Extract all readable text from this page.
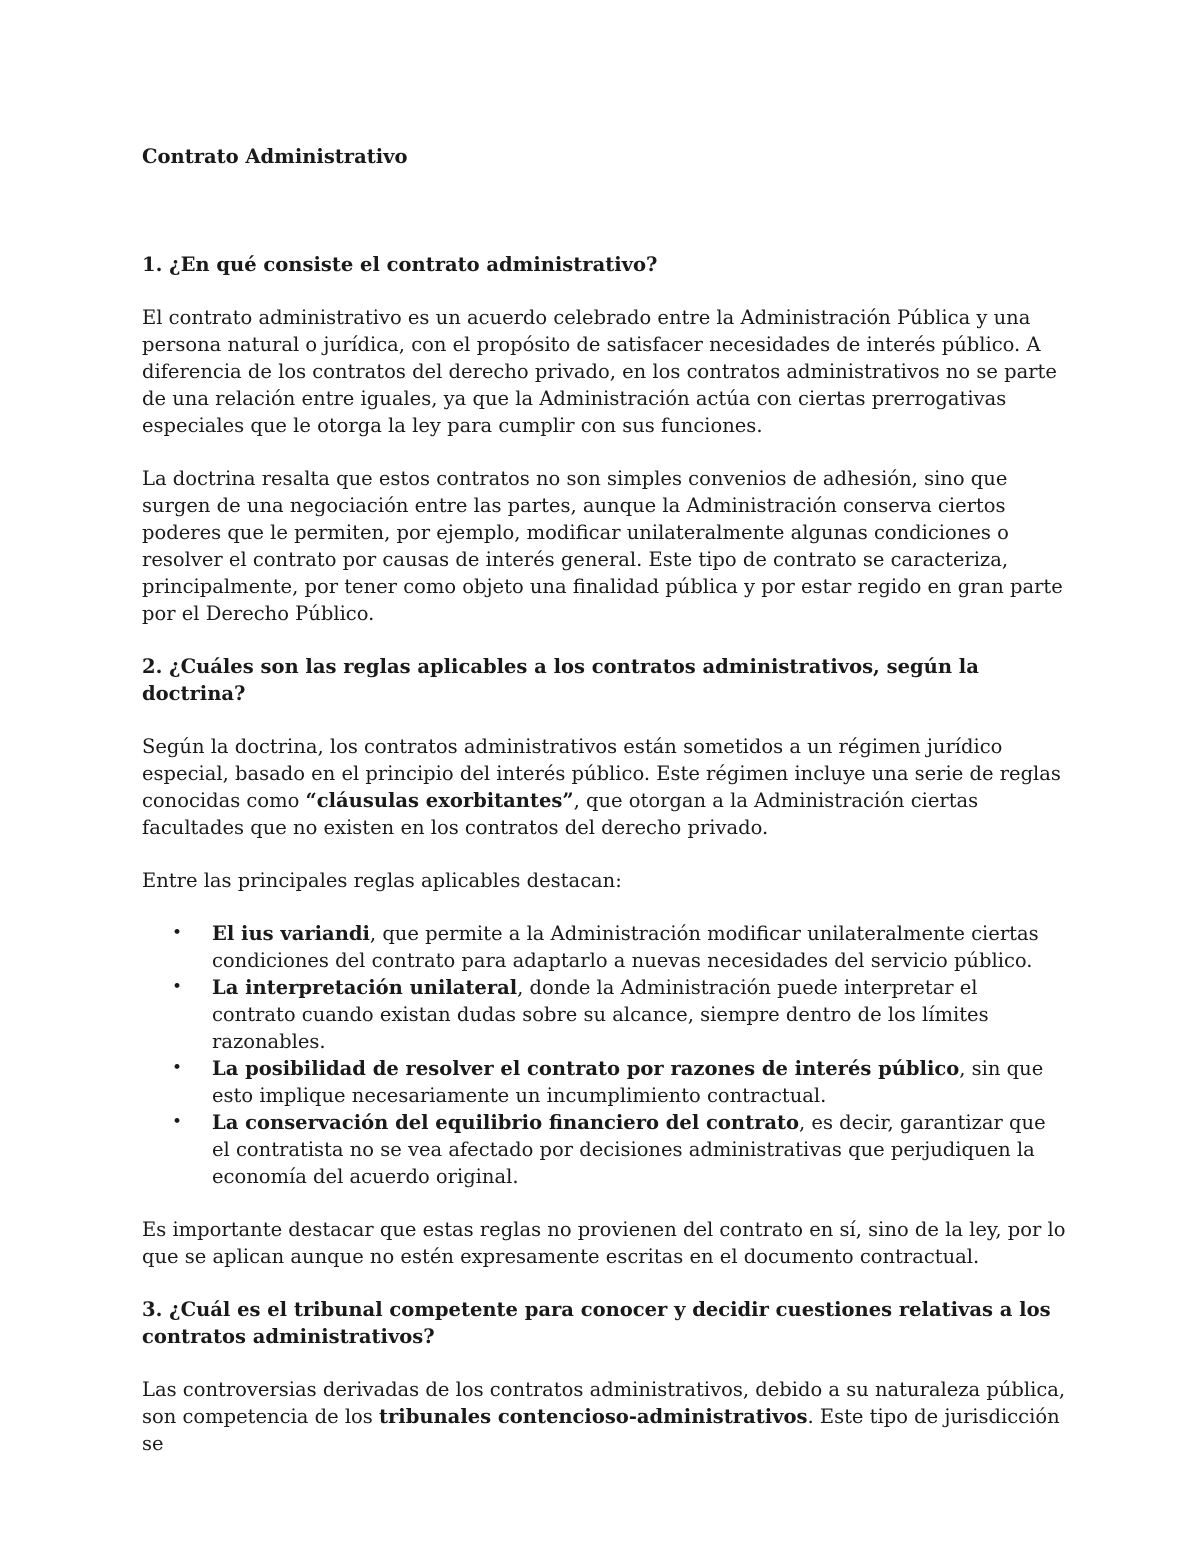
Contrato Administrativo
1. ¿En qué consiste el contrato administrativo?

El contrato administrativo es un acuerdo celebrado entre la Administración Pública y una persona natural o jurídica, con el propósito de satisfacer necesidades de interés público. A diferencia de los contratos del derecho privado, en los contratos administrativos no se parte de una relación entre iguales, ya que la Administración actúa con ciertas prerrogativas especiales que le otorga la ley para cumplir con sus funciones.

La doctrina resalta que estos contratos no son simples convenios de adhesión, sino que surgen de una negociación entre las partes, aunque la Administración conserva ciertos poderes que le permiten, por ejemplo, modificar unilateralmente algunas condiciones o resolver el contrato por causas de interés general. Este tipo de contrato se caracteriza, principalmente, por tener como objeto una finalidad pública y por estar regido en gran parte por el Derecho Público.

2. ¿Cuáles son las reglas aplicables a los contratos administrativos, según la doctrina?

Según la doctrina, los contratos administrativos están sometidos a un régimen jurídico especial, basado en el principio del interés público. Este régimen incluye una serie de reglas conocidas como “cláusulas exorbitantes”, que otorgan a la Administración ciertas facultades que no existen en los contratos del derecho privado.

Entre las principales reglas aplicables destacan:

• El ius variandi, que permite a la Administración modificar unilateralmente ciertas condiciones del contrato para adaptarlo a nuevas necesidades del servicio público.
• La interpretación unilateral, donde la Administración puede interpretar el contrato cuando existan dudas sobre su alcance, siempre dentro de los límites razonables.
• La posibilidad de resolver el contrato por razones de interés público, sin que esto implique necesariamente un incumplimiento contractual.
• La conservación del equilibrio financiero del contrato, es decir, garantizar que el contratista no se vea afectado por decisiones administrativas que perjudiquen la economía del acuerdo original.

Es importante destacar que estas reglas no provienen del contrato en sí, sino de la ley, por lo que se aplican aunque no estén expresamente escritas en el documento contractual.

3. ¿Cuál es el tribunal competente para conocer y decidir cuestiones relativas a los contratos administrativos?

Las controversias derivadas de los contratos administrativos, debido a su naturaleza pública, son competencia de los tribunales contencioso-administrativos. Este tipo de jurisdicción se
